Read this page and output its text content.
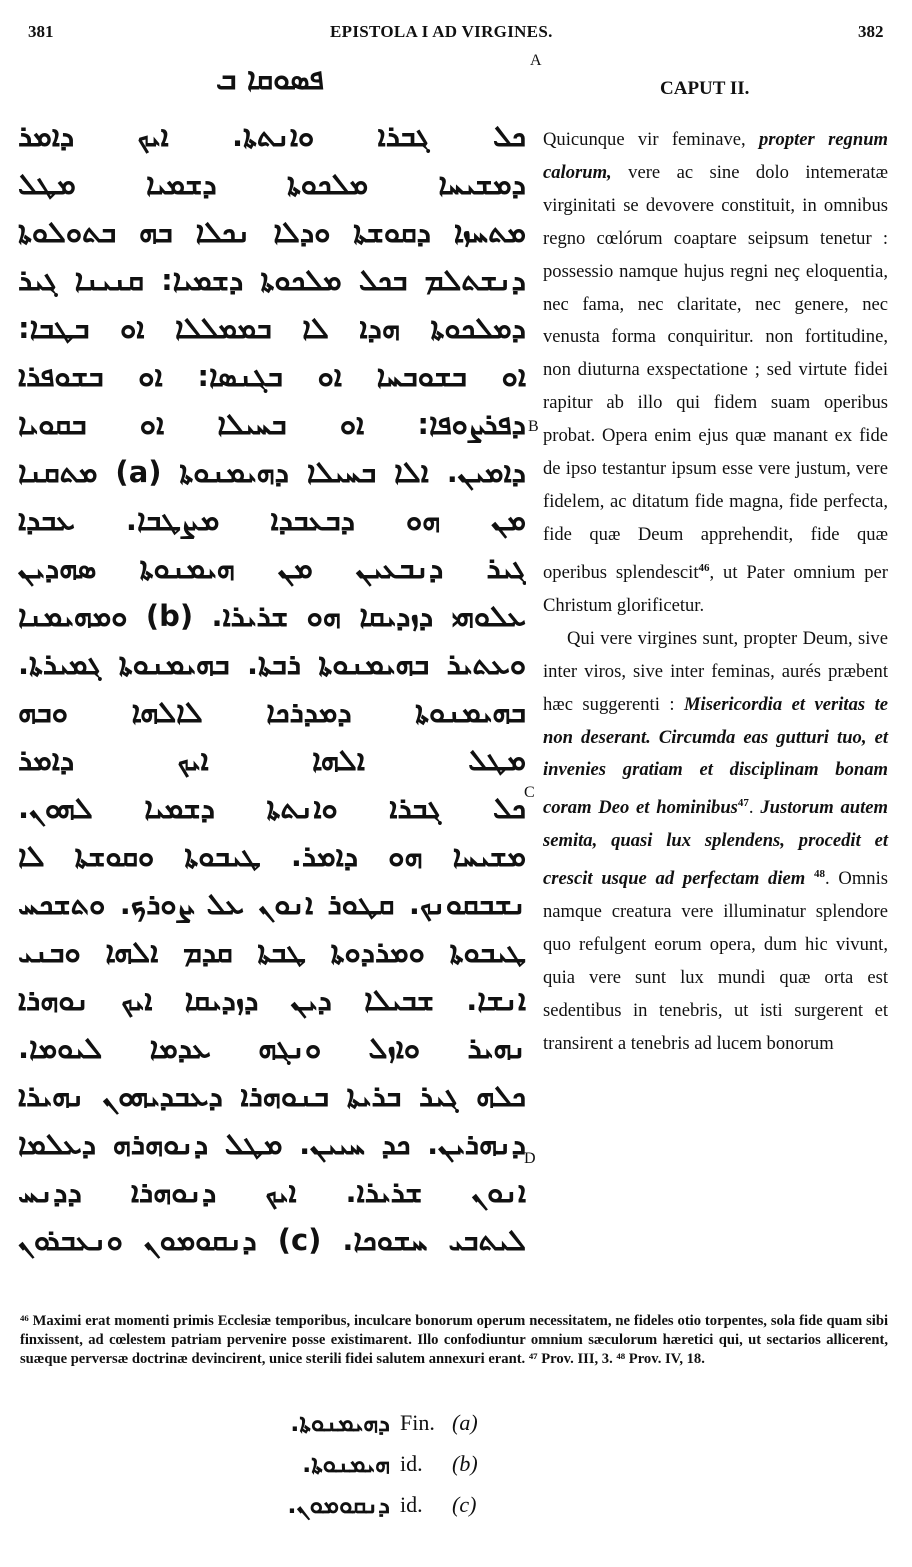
381	EPISTOLA I AD VIRGINES.	382
A
B
C
D
ܦܣܘܩܐ ܒ
ܟܠ ܓܒܪܐ ܘܐܢܬܬܐ. ܐܝܟ ܕܐܡܪ
ܕܡܫܝܚܐ ܡܠܟܘܬܐ ܕܫܡܝܐ ܡܛܠ
ܡܬܚܙܐ ܕܩܘܫܬܐ ܘܕܠܐ ܢܟܠܐ ܒܗ ܒܬܘܠܘܬܐ
ܕܢܫܬܠܡ ܒܟܠ ܡܠܟܘܬܐ ܕܫܡܝܐ: ܩܢܝܢܐ ܓܝܪ
ܕܡܠܟܘܬܐ ܗܕܐ ܠܐ ܒܡܡܠܠܐ ܐܘ ܒܛܒܐ:
ܐܘ ܒܫܘܒܚܐ ܐܘ ܒܓܢܣܐ: ܐܘ ܒܫܘܦܪܐ
ܕܦܪܨܘܦܐ: ܐܘ ܒܚܝܠܐ ܐܘ ܒܩܘܝܐ
ܕܐܡܝܢ. ܐܠܐ ܒܚܝܠܐ ܕܗܝܡܢܘܬܐ (a) ܡܬܩܢܐ
ܡܢ ܗܘ ܕܒܥܒܕܐ ܡܨܛܒܐ. ܥܒܕܐ
ܓܝܪ ܕܢܒܥܝܢ ܡܢ ܗܝܡܢܘܬܐ ܣܗܕܝܢ
ܥܠܘܗܝ ܕܙܕܝܩܐ ܗܘ ܫܪܝܪܐ. (b) ܘܡܗܝܡܢܐ
ܘܥܬܝܪ ܒܗܝܡܢܘܬܐ ܪܒܬܐ. ܒܗܝܡܢܘܬܐ ܓܡܝܪܬܐ.
ܒܗܝܡܢܘܬܐ ܕܡܕܪܟܐ ܠܐܠܗܐ ܘܒܗ
ܡܛܠ ܐܠܗܐ ܐܝܟ ܕܐܡܪ
ܟܠ ܓܒܪܐ ܘܐܢܬܬܐ ܕܫܡܝܐ ܠܗܘܢ.
ܡܫܝܚܐ ܗܘ ܕܐܡܪ. ܛܝܒܘܬܐ ܘܩܘܫܬܐ ܠܐ
ܢܫܒܩܘܢܟ. ܩܛܘܪ ܐܢܘܢ ܥܠ ܨܘܪܟ. ܘܬܫܟܚ
ܛܝܒܘܬܐ ܘܡܪܕܘܬܐ ܛܒܬܐ ܩܕܡ ܐܠܗܐ ܘܒܢܝ
ܐܢܫܐ. ܫܒܝܠܐ ܕܝܢ ܕܙܕܝܩܐ ܐܝܟ ܢܘܗܪܐ
ܢܗܝܪ ܘܐܙܠ ܘܢܓܗ ܥܕܡܐ ܠܝܘܡܐ.
ܟܠܗ ܓܝܪ ܒܪܝܬܐ ܒܢܘܗܪܐ ܕܥܒܕܝܗܘܢ ܢܗܝܪܐ
ܕܢܗܪܝܢ. ܟܕ ܚܝܝܢ. ܡܛܠ ܕܢܘܗܪܗ ܕܥܠܡܐ
ܐܢܘܢ ܫܪܝܪܐ. ܐܝܟ ܕܢܘܗܪܐ ܕܕܢܚ
ܠܝܬܒܝ ܚܫܘܟܐ. (c) ܕܢܩܘܡܘܢ ܘܢܥܒܪܘܢ
CAPUT II.

Quicunque vir feminave, propter regnum calorum, vere ac sine dolo intemeratæ virginitati se devovere constituit, in omnibus regno cœlórum coaptare seipsum tenetur : possessio namque hujus regni neç eloquentia, nec fama, nec claritate, nec genere, nec venusta forma conquiritur. non fortitudine, non diuturna exspectatione ; sed virtute fidei rapitur ab illo qui fidem suam operibus probat. Opera enim ejus quæ manant ex fide de ipso testantur ipsum esse vere justum, vere fidelem, ac ditatum fide magna, fide perfecta, fide quæ Deum apprehendit, fide quæ operibus splendescit$^{46}$, ut Pater omnium per Christum glorificetur.

Qui vere virgines sunt, propter Deum, sive inter viros, sive inter feminas, aurés præbent hæc suggerenti : Misericordia et veritas te non deserant. Circumda eas gutturi tuo, et invenies gratiam et disciplinam bonam coram Deo et hominibus$^{47}$. Justorum autem semita, quasi lux splendens, procedit et crescit usque ad perfectam diem $^{48}$. Omnis namque creatura vere illuminatur splendore quo refulgent eorum opera, dum hic vivunt, quia vere sunt lux mundi quæ orta est sedentibus in tenebris, ut isti surgerent et transirent a tenebris ad lucem bonorum

⁴⁶ Maximi erat momenti primis Ecclesiæ temporibus, inculcare bonorum operum necessitatem, ne fideles otio torpentes, sola fide quam sibi finxissent, ad cœlestem patriam pervenire posse existimarent. Illo confodiuntur omnium sæculorum hæretici qui, ut sectarios allicerent, suæque perversæ doctrinæ devincirent, unice sterili fidei salutem annexuri erant. ⁴⁷ Prov. III, 3. ⁴⁸ Prov. IV, 18.
ܕܗܝܡܢܘܬܐ. Fin. (a)
ܗܝܡܢܘܬܐ. id.	(b)
ܕܢܩܘܡܘܢ. id.	(c)
